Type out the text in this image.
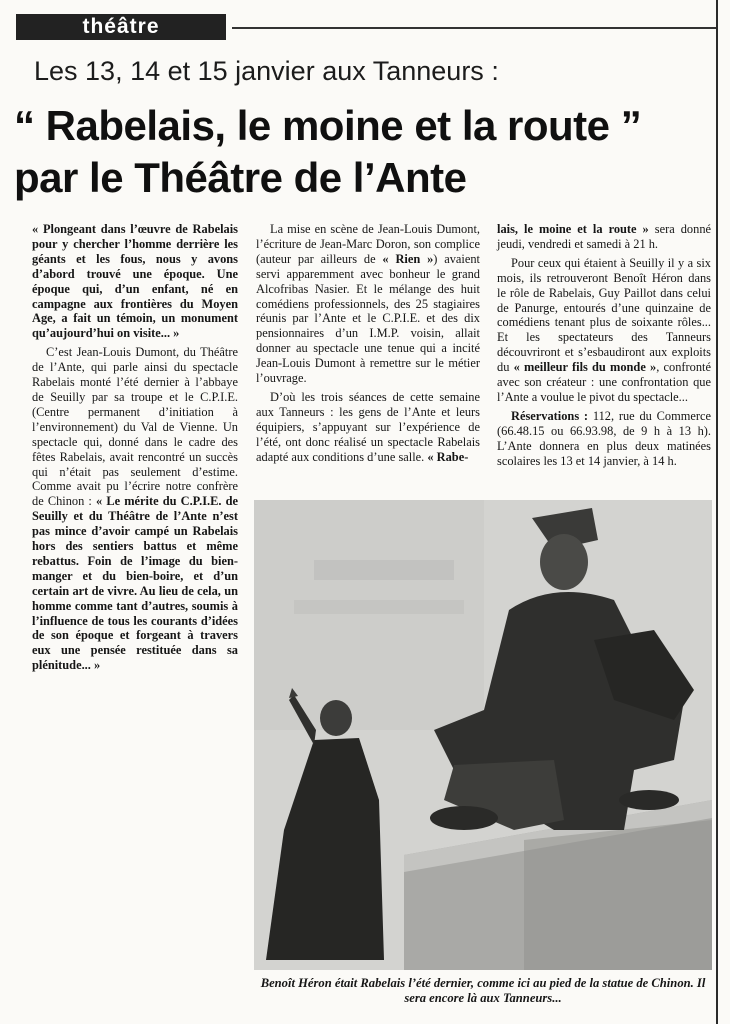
théâtre
Les 13, 14 et 15 janvier aux Tanneurs :
“ Rabelais, le moine et la route ”
par le Théâtre de l’Ante

« Plongeant dans l’œuvre de Rabelais pour y chercher l’homme derrière les géants et les fous, nous y avons d’abord trouvé une époque. Une époque qui, d’un enfant, né en campagne aux frontières du Moyen Age, a fait un témoin, un monument qu’aujourd’hui on visite... »

C’est Jean-Louis Dumont, du Théâtre de l’Ante, qui parle ainsi du spectacle Rabelais monté l’été dernier à l’abbaye de Seuilly par sa troupe et le C.P.I.E. (Centre permanent d’initiation à l’environnement) du Val de Vienne. Un spectacle qui, donné dans le cadre des fêtes Rabelais, avait rencontré un succès qui n’était pas seulement d’estime. Comme avait pu l’écrire notre confrère de Chinon : « Le mérite du C.P.I.E. de Seuilly et du Théâtre de l’Ante n’est pas mince d’avoir campé un Rabelais hors des sentiers battus et même rebattus. Foin de l’image du bien-manger et du bien-boire, et d’un certain art de vivre. Au lieu de cela, un homme comme tant d’autres, soumis à l’influence de tous les courants d’idées de son époque et forgeant à travers eux une pensée restituée dans sa plénitude... »

La mise en scène de Jean-Louis Dumont, l’écriture de Jean-Marc Doron, son complice (auteur par ailleurs de « Rien ») avaient servi apparemment avec bonheur le grand Alcofribas Nasier. Et le mélange des huit comédiens professionnels, des 25 stagiaires réunis par l’Ante et le C.P.I.E. et des dix pensionnaires d’un I.M.P. voisin, allait donner au spectacle une tenue qui a incité Jean-Louis Dumont à remettre sur le métier l’ouvrage.

D’où les trois séances de cette semaine aux Tanneurs : les gens de l’Ante et leurs équipiers, s’appuyant sur l’expérience de l’été, ont donc réalisé un spectacle Rabelais adapté aux conditions d’une salle. « Rabe-

lais, le moine et la route » sera donné jeudi, vendredi et samedi à 21 h.

Pour ceux qui étaient à Seuilly il y a six mois, ils retrouveront Benoît Héron dans le rôle de Rabelais, Guy Paillot dans celui de Panurge, entourés d’une quinzaine de comédiens tenant plus de soixante rôles... Et les spectateurs des Tanneurs découvriront et s’esbaudiront aux exploits du « meilleur fils du monde », confronté avec son créateur : une confrontation que l’Ante a voulue le pivot du spectacle...

Réservations : 112, rue du Commerce (66.48.15 ou 66.93.98, de 9 h à 13 h). L’Ante donnera en plus deux matinées scolaires les 13 et 14 janvier, à 14 h.

Benoît Héron était Rabelais l’été dernier, comme ici au pied de la statue de Chinon. Il sera encore là aux Tanneurs...
